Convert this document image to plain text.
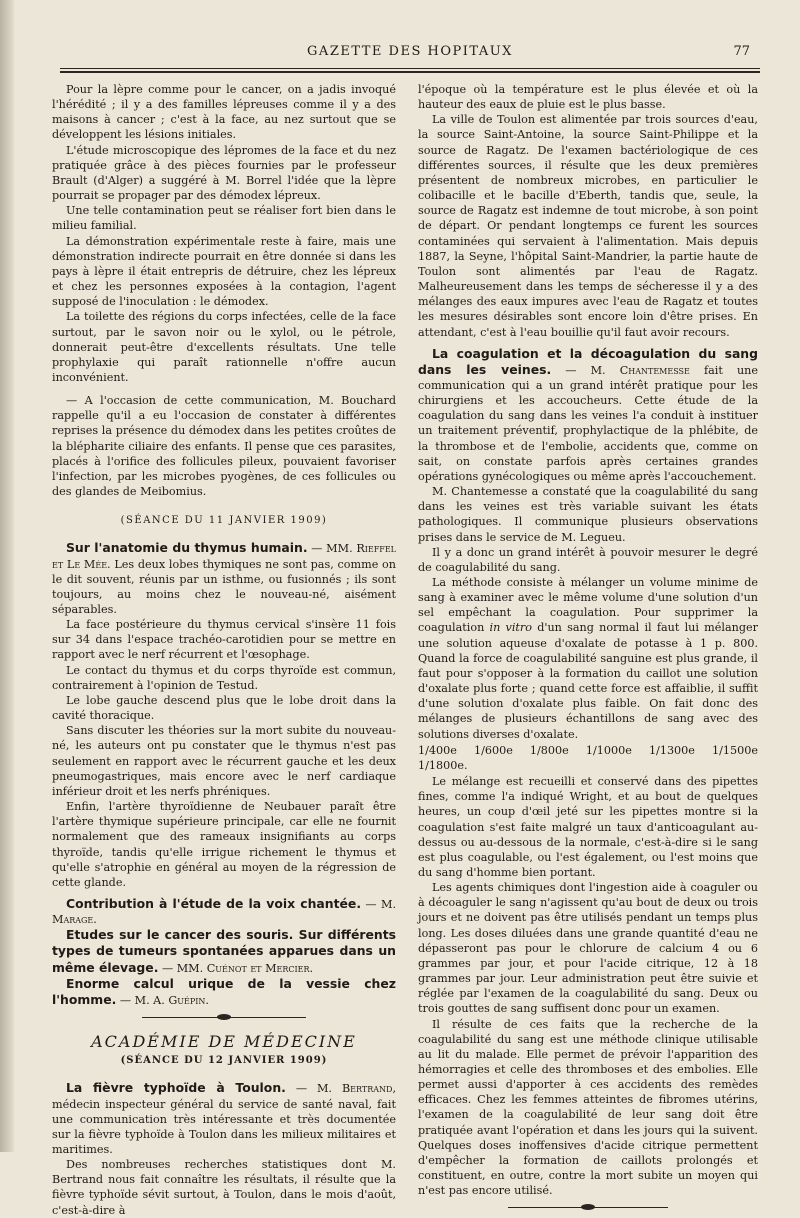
GAZETTE DES HOPITAUX	77

Pour la lèpre comme pour le cancer, on a jadis invoqué l'hérédité ; il y a des familles lépreuses comme il y a des maisons à cancer ; c'est à la face, au nez surtout que se développent les lésions initiales.

L'étude microscopique des lépromes de la face et du nez pratiquée grâce à des pièces fournies par le professeur Brault (d'Alger) a suggéré à M. Borrel l'idée que la lèpre pourrait se propager par des démodex lépreux.

Une telle contamination peut se réaliser fort bien dans le milieu familial.

La démonstration expérimentale reste à faire, mais une démonstration indirecte pourrait en être donnée si dans les pays à lèpre il était entrepris de détruire, chez les lépreux et chez les personnes exposées à la contagion, l'agent supposé de l'inoculation : le démodex.

La toilette des régions du corps infectées, celle de la face surtout, par le savon noir ou le xylol, ou le pétrole, donnerait peut-être d'excellents résultats. Une telle prophylaxie qui paraît rationnelle n'offre aucun inconvénient.

— A l'occasion de cette communication, M. Bouchard rappelle qu'il a eu l'occasion de constater à différentes reprises la présence du démodex dans les petites croûtes de la blépharite ciliaire des enfants. Il pense que ces parasites, placés à l'orifice des follicules pileux, pouvaient favoriser l'infection, par les microbes pyogènes, de ces follicules ou des glandes de Meibomius.

(SÉANCE DU 11 JANVIER 1909)

Sur l'anatomie du thymus humain. — MM. Rieffel et Le Mée. Les deux lobes thymiques ne sont pas, comme on le dit souvent, réunis par un isthme, ou fusionnés ; ils sont toujours, au moins chez le nouveau-né, aisément séparables.

La face postérieure du thymus cervical s'insère 11 fois sur 34 dans l'espace trachéo-carotidien pour se mettre en rapport avec le nerf récurrent et l'œsophage.

Le contact du thymus et du corps thyroïde est commun, contrairement à l'opinion de Testud.

Le lobe gauche descend plus que le lobe droit dans la cavité thoracique.

Sans discuter les théories sur la mort subite du nouveau-né, les auteurs ont pu constater que le thymus n'est pas seulement en rapport avec le récurrent gauche et les deux pneumogastriques, mais encore avec le nerf cardiaque inférieur droit et les nerfs phréniques.

Enfin, l'artère thyroïdienne de Neubauer paraît être l'artère thymique supérieure principale, car elle ne fournit normalement que des rameaux insignifiants au corps thyroïde, tandis qu'elle irrigue richement le thymus et qu'elle s'atrophie en général au moyen de la régression de cette glande.

Contribution à l'étude de la voix chantée. — M. Marage.

Etudes sur le cancer des souris. Sur différents types de tumeurs spontanées apparues dans un même élevage. — MM. Cuénot et Mercier.

Enorme calcul urique de la vessie chez l'homme. — M. A. Guépin.

ACADÉMIE DE MÉDECINE

(SÉANCE DU 12 JANVIER 1909)

La fièvre typhoïde à Toulon. — M. Bertrand, médecin inspecteur général du service de santé naval, fait une communication très intéressante et très documentée sur la fièvre typhoïde à Toulon dans les milieux militaires et maritimes.

Des nombreuses recherches statistiques dont M. Bertrand nous fait connaître les résultats, il résulte que la fièvre typhoïde sévit surtout, à Toulon, dans le mois d'août, c'est-à-dire à

l'époque où la température est le plus élevée et où la hauteur des eaux de pluie est le plus basse.

La ville de Toulon est alimentée par trois sources d'eau, la source Saint-Antoine, la source Saint-Philippe et la source de Ragatz. De l'examen bactériologique de ces différentes sources, il résulte que les deux premières présentent de nombreux microbes, en particulier le colibacille et le bacille d'Eberth, tandis que, seule, la source de Ragatz est indemne de tout microbe, à son point de départ. Or pendant longtemps ce furent les sources contaminées qui servaient à l'alimentation. Mais depuis 1887, la Seyne, l'hôpital Saint-Mandrier, la partie haute de Toulon sont alimentés par l'eau de Ragatz. Malheureusement dans les temps de sécheresse il y a des mélanges des eaux impures avec l'eau de Ragatz et toutes les mesures désirables sont encore loin d'être prises. En attendant, c'est à l'eau bouillie qu'il faut avoir recours.

La coagulation et la décoagulation du sang dans les veines. — M. Chantemesse fait une communication qui a un grand intérêt pratique pour les chirurgiens et les accoucheurs. Cette étude de la coagulation du sang dans les veines l'a conduit à instituer un traitement préventif, prophylactique de la phlébite, de la thrombose et de l'embolie, accidents que, comme on sait, on constate parfois après certaines grandes opérations gynécologiques ou même après l'accouchement.

M. Chantemesse a constaté que la coagulabilité du sang dans les veines est très variable suivant les états pathologiques. Il communique plusieurs observations prises dans le service de M. Legueu.

Il y a donc un grand intérêt à pouvoir mesurer le degré de coagulabilité du sang.

La méthode consiste à mélanger un volume minime de sang à examiner avec le même volume d'une solution d'un sel empêchant la coagulation. Pour supprimer la coagulation in vitro d'un sang normal il faut lui mélanger une solution aqueuse d'oxalate de potasse à 1 p. 800. Quand la force de coagulabilité sanguine est plus grande, il faut pour s'opposer à la formation du caillot une solution d'oxalate plus forte ; quand cette force est affaiblie, il suffit d'une solution d'oxalate plus faible. On fait donc des mélanges de plusieurs échantillons de sang avec des solutions diverses d'oxalate.

1/400e 1/600e 1/800e 1/1000e 1/1300e 1/1500e 1/1800e.

Le mélange est recueilli et conservé dans des pipettes fines, comme l'a indiqué Wright, et au bout de quelques heures, un coup d'œil jeté sur les pipettes montre si la coagulation s'est faite malgré un taux d'anticoagulant au-dessus ou au-dessous de la normale, c'est-à-dire si le sang est plus coagulable, ou l'est également, ou l'est moins que du sang d'homme bien portant.

Les agents chimiques dont l'ingestion aide à coaguler ou à décoaguler le sang n'agissent qu'au bout de deux ou trois jours et ne doivent pas être utilisés pendant un temps plus long. Les doses diluées dans une grande quantité d'eau ne dépasseront pas pour le chlorure de calcium 4 ou 6 grammes par jour, et pour l'acide citrique, 12 à 18 grammes par jour. Leur administration peut être suivie et réglée par l'examen de la coagulabilité du sang. Deux ou trois gouttes de sang suffisent donc pour un examen.

Il résulte de ces faits que la recherche de la coagulabilité du sang est une méthode clinique utilisable au lit du malade. Elle permet de prévoir l'apparition des hémorragies et celle des thromboses et des embolies. Elle permet aussi d'apporter à ces accidents des remèdes efficaces. Chez les femmes atteintes de fibromes utérins, l'examen de la coagulabilité de leur sang doit être pratiquée avant l'opération et dans les jours qui la suivent. Quelques doses inoffensives d'acide citrique permettent d'empêcher la formation de caillots prolongés et constituent, en outre, contre la mort subite un moyen qui n'est pas encore utilisé.
